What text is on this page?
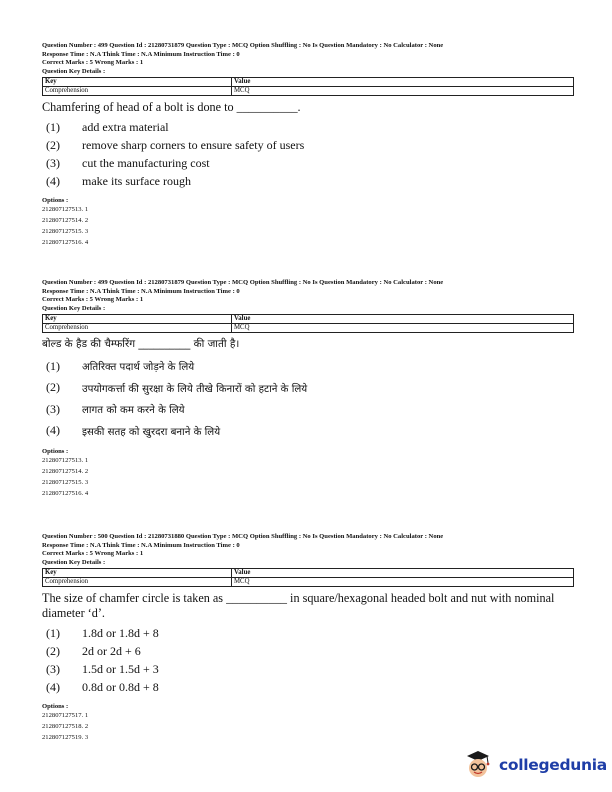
Question Number : 499 Question Id : 21280731879 Question Type : MCQ Option Shuffling : No Is Question Mandatory : No Calculator : None
Response Time : N.A Think Time : N.A Minimum Instruction Time : 0
Correct Marks : 5 Wrong Marks : 1
Question Key Details :
Key	Value
Comprehension	MCQ
Chamfering of head of a bolt is done to __________.
(1)	add extra material
(2)	remove sharp corners to ensure safety of users
(3)	cut the manufacturing cost
(4)	make its surface rough
Options :
212807127513. 1
212807127514. 2
212807127515. 3
212807127516. 4
Question Number : 499 Question Id : 21280731879 Question Type : MCQ Option Shuffling : No Is Question Mandatory : No Calculator : None
Response Time : N.A Think Time : N.A Minimum Instruction Time : 0
Correct Marks : 5 Wrong Marks : 1
Question Key Details :
Key	Value
Comprehension	MCQ
बोल्ड के हैड की चैम्फरिंग __________ की जाती है।
(1)	अतिरिक्त पदार्थ जोड़ने के लिये
(2)	उपयोगकर्त्ता की सुरक्षा के लिये तीखे किनारों को हटाने के लिये
(3)	लागत को कम करने के लिये
(4)	इसकी सतह को खुरदरा बनाने के लिये
Options :
212807127513. 1
212807127514. 2
212807127515. 3
212807127516. 4
Question Number : 500 Question Id : 21280731880 Question Type : MCQ Option Shuffling : No Is Question Mandatory : No Calculator : None
Response Time : N.A Think Time : N.A Minimum Instruction Time : 0
Correct Marks : 5 Wrong Marks : 1
Question Key Details :
Key	Value
Comprehension	MCQ
The size of chamfer circle is taken as __________ in square/hexagonal headed bolt and nut with nominal diameter ‘d’.
(1)	1.8d or 1.8d + 8
(2)	2d or 2d + 6
(3)	1.5d or 1.5d + 3
(4)	0.8d or 0.8d + 8
Options :
212807127517. 1
212807127518. 2
212807127519. 3
collegedunia
